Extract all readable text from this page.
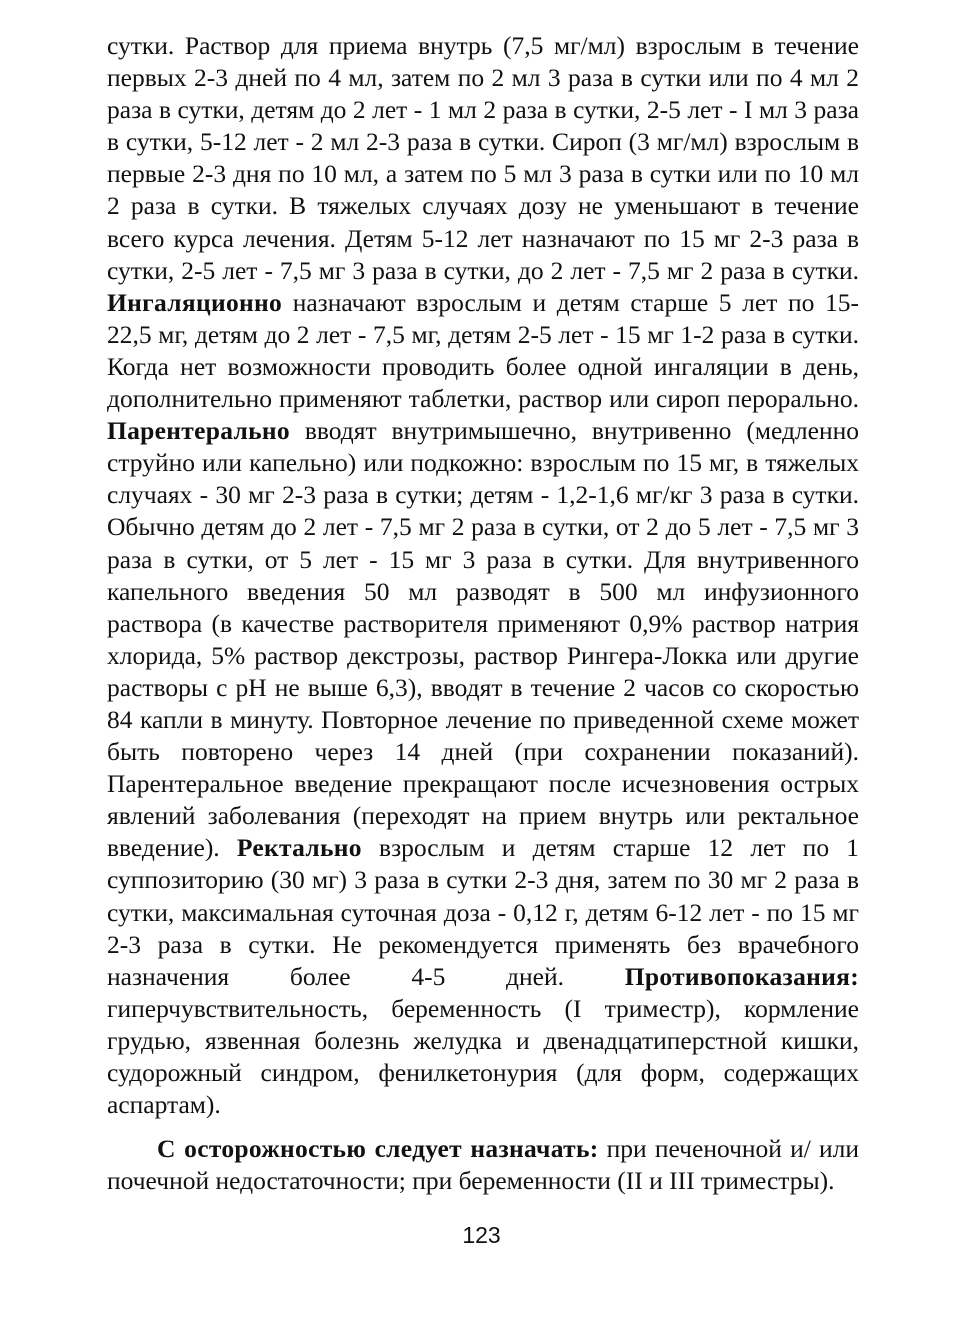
сутки. Раствор для приема внутрь (7,5 мг/мл) взрослым в течение первых 2-3 дней по 4 мл, затем по 2 мл 3 раза в сутки или по 4 мл 2 раза в сутки, детям до 2 лет - 1 мл 2 раза в сутки, 2-5 лет - I мл 3 раза в сутки, 5-12 лет - 2 мл 2-3 раза в сутки. Сироп (3 мг/мл) взрослым в первые 2-3 дня по 10 мл, а затем по 5 мл 3 раза в сутки или по 10 мл 2 раза в сутки. В тяжелых случаях дозу не уменьшают в течение всего курса лечения. Детям 5-12 лет назначают по 15 мг 2-3 раза в сутки, 2-5 лет - 7,5 мг 3 раза в сутки, до 2 лет - 7,5 мг 2 раза в сутки. Ингаляционно назначают взрослым и детям старше 5 лет по 15-22,5 мг, детям до 2 лет - 7,5 мг, детям 2-5 лет - 15 мг 1-2 раза в сутки. Когда нет возможности проводить более одной ингаляции в день, дополнительно применяют таблетки, раствор или сироп перорально. Парентерально вводят внутримышечно, внутривенно (медленно струйно или капельно) или подкожно: взрослым по 15 мг, в тяжелых случаях - 30 мг 2-3 раза в сутки; детям - 1,2-1,6 мг/кг 3 раза в сутки. Обычно детям до 2 лет - 7,5 мг 2 раза в сутки, от 2 до 5 лет - 7,5 мг 3 раза в сутки, от 5 лет - 15 мг 3 раза в сутки. Для внутривенного капельного введения 50 мл разводят в 500 мл инфузионного раствора (в качестве растворителя применяют 0,9% раствор натрия хлорида, 5% раствор декстрозы, раствор Рингера-Локка или другие растворы с рН не выше 6,3), вводят в течение 2 часов со скоростью 84 капли в минуту. Повторное лечение по приведенной схеме может быть повторено через 14 дней (при сохранении показаний). Парентеральное введение прекращают после исчезновения острых явлений заболевания (переходят на прием внутрь или ректальное введение). Ректально взрослым и детям старше 12 лет по 1 суппозиторию (30 мг) 3 раза в сутки 2-3 дня, затем по 30 мг 2 раза в сутки, максимальная суточная доза - 0,12 г, детям 6-12 лет - по 15 мг 2-3 раза в сутки. Не рекомендуется применять без врачебного назначения более 4-5 дней. Противопоказания: гиперчувствительность, беременность (I триместр), кормление грудью, язвенная болезнь желудка и двенадцатиперстной кишки, судорожный синдром, фенилкетонурия (для форм, содержащих аспартам).

С осторожностью следует назначать: при печеночной и/ или почечной недостаточности; при беременности (II и III триместры).

123
